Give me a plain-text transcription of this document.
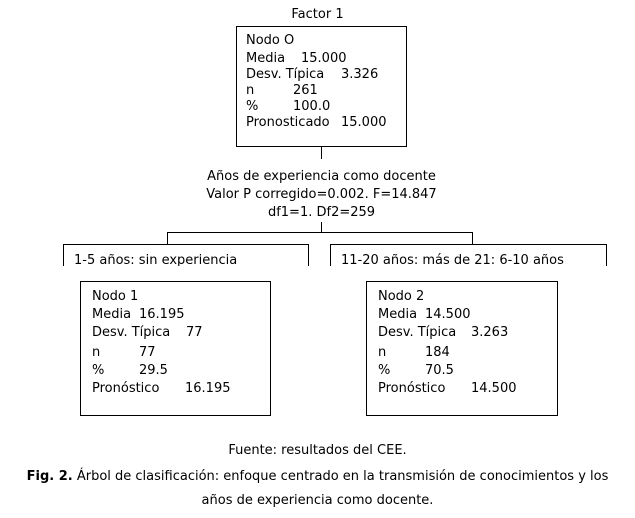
Factor 1
Nodo O
Media 15.000
Desv. Típica 3.326
n	261
%	100.0
Pronosticado 15.000
Años de experiencia como docente
Valor P corregido=0.002. F=14.847
df1=1. Df2=259
1-5 años: sin experiencia	11-20 años: más de 21: 6-10 años
Nodo 1
Media 16.195
Desv. Típica 77
n	77
%	29.5
Pronóstico 16.195
Nodo 2
Media 14.500
Desv. Típica 3.263
n	184
%	70.5
Pronóstico 14.500
Fuente: resultados del CEE.
Fig. 2. Árbol de clasificación: enfoque centrado en la transmisión de conocimientos y los
años de experiencia como docente.
